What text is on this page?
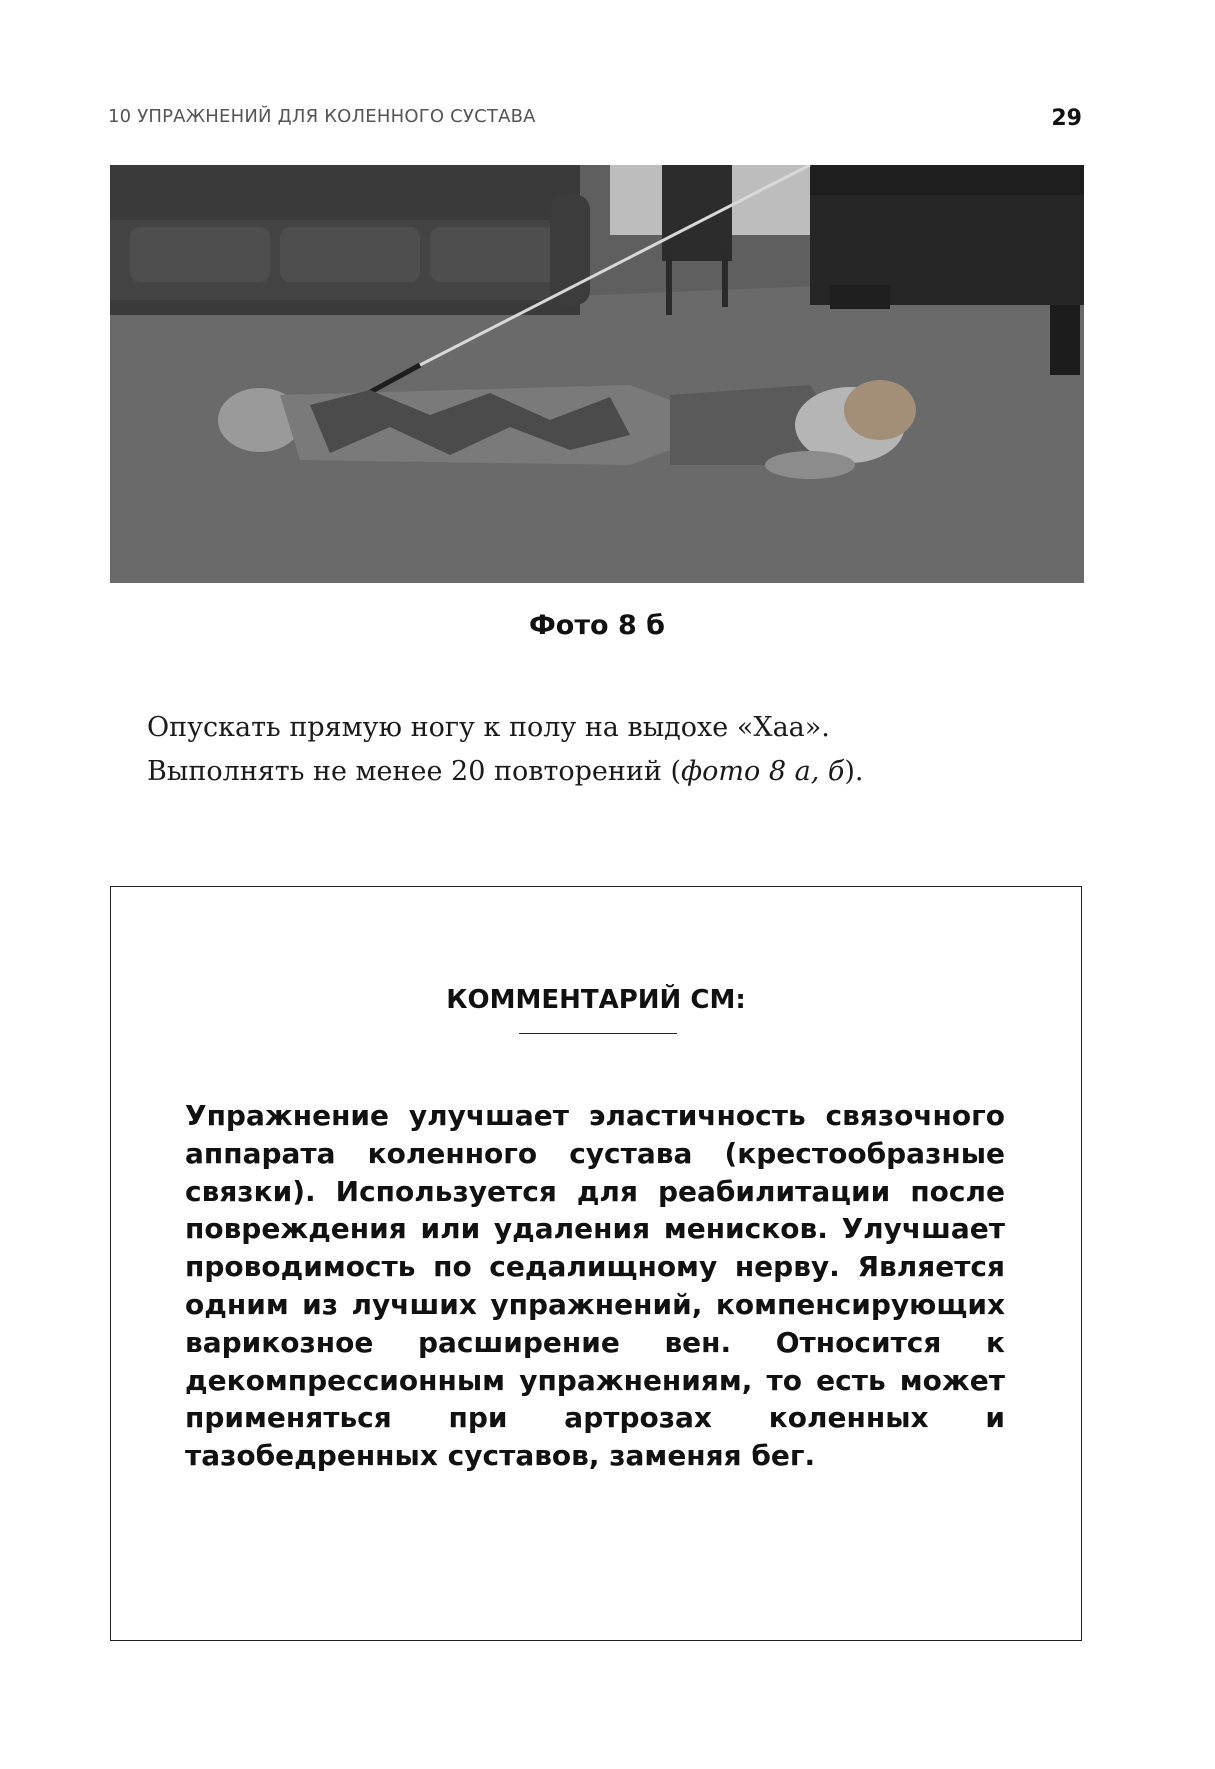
10 УПРАЖНЕНИЙ ДЛЯ КОЛЕННОГО СУСТАВА	29
Фото 8 б

Опускать прямую ногу к полу на выдохе «Хаа».

Выполнять не менее 20 повторений (фото 8 а, б).

КОММЕНТАРИЙ СМ:
Упражнение улучшает эластичность связочного аппарата коленного сустава (крестообразные связки). Используется для реабилитации после повреждения или удаления менисков. Улучшает проводимость по седалищному нерву. Является одним из лучших упражнений, компенсирующих варикозное расширение вен. Относится к декомпрессионным упражнениям, то есть может применяться при артрозах коленных и тазобедренных суставов, заменяя бег.
